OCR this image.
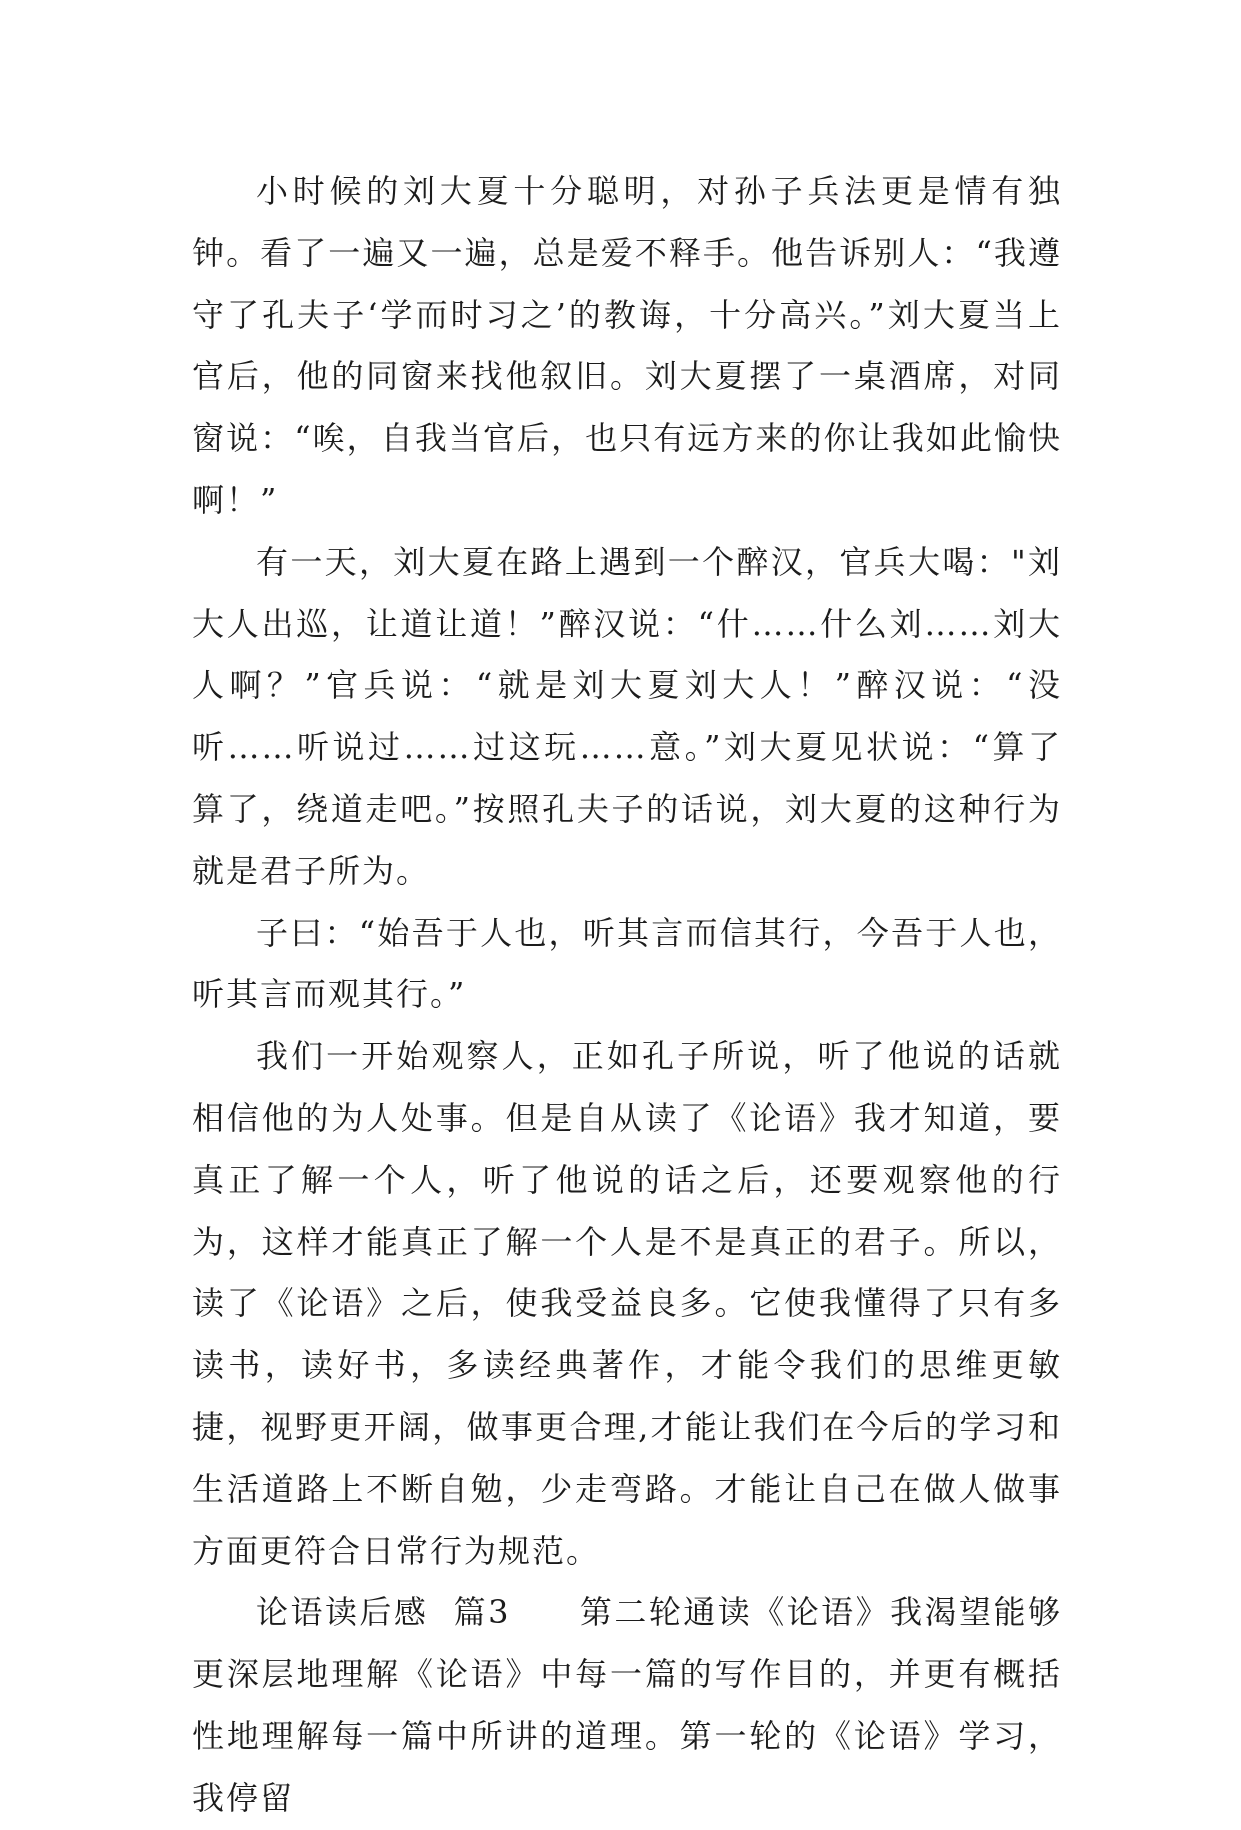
小时候的刘大夏十分聪明，对孙子兵法更是情有独钟。看了一遍又一遍，总是爱不释手。他告诉别人：“我遵守了孔夫子‘学而时习之’的教诲，十分高兴。”刘大夏当上官后，他的同窗来找他叙旧。刘大夏摆了一桌酒席，对同窗说：“唉，自我当官后，也只有远方来的你让我如此愉快啊！”

有一天，刘大夏在路上遇到一个醉汉，官兵大喝："刘大人出巡，让道让道！”醉汉说：“什……什么刘……刘大人啊？”官兵说：“就是刘大夏刘大人！”醉汉说：“没听……听说过……过这玩……意。”刘大夏见状说：“算了算了，绕道走吧。”按照孔夫子的话说，刘大夏的这种行为就是君子所为。

子曰：“始吾于人也，听其言而信其行，今吾于人也，听其言而观其行。”

我们一开始观察人，正如孔子所说，听了他说的话就相信他的为人处事。但是自从读了《论语》我才知道，要真正了解一个人，听了他说的话之后，还要观察他的行为，这样才能真正了解一个人是不是真正的君子。所以，读了《论语》之后，使我受益良多。它使我懂得了只有多读书，读好书，多读经典著作，才能令我们的思维更敏捷，视野更开阔，做事更合理,才能让我们在今后的学习和生活道路上不断自勉，少走弯路。才能让自己在做人做事方面更符合日常行为规范。

论语读后感  篇3　　第二轮通读《论语》我渴望能够更深层地理解《论语》中每一篇的写作目的，并更有概括性地理解每一篇中所讲的道理。第一轮的《论语》学习，我停留
